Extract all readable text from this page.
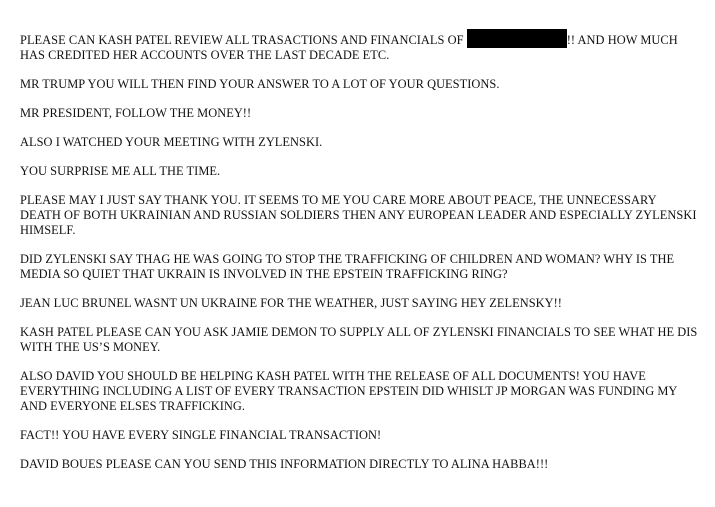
PLEASE CAN KASH PATEL REVIEW ALL TRASACTIONS AND FINANCIALS OF	!! AND HOW MUCH HAS CREDITED HER ACCOUNTS OVER THE LAST DECADE ETC.

MR TRUMP YOU WILL THEN FIND YOUR ANSWER TO A LOT OF YOUR QUESTIONS.

MR PRESIDENT, FOLLOW THE MONEY!!

ALSO I WATCHED YOUR MEETING WITH ZYLENSKI.

YOU SURPRISE ME ALL THE TIME.

PLEASE MAY I JUST SAY THANK YOU. IT SEEMS TO ME YOU CARE MORE ABOUT PEACE, THE UNNECESSARY DEATH OF BOTH UKRAINIAN AND RUSSIAN SOLDIERS THEN ANY EUROPEAN LEADER AND ESPECIALLY ZYLENSKI HIMSELF.

DID ZYLENSKI SAY THAG HE WAS GOING TO STOP THE TRAFFICKING OF CHILDREN AND WOMAN? WHY IS THE MEDIA SO QUIET THAT UKRAIN IS INVOLVED IN THE EPSTEIN TRAFFICKING RING?

JEAN LUC BRUNEL WASNT UN UKRAINE FOR THE WEATHER, JUST SAYING HEY ZELENSKY!!

KASH PATEL PLEASE CAN YOU ASK JAMIE DEMON TO SUPPLY ALL OF ZYLENSKI FINANCIALS TO SEE WHAT HE DIS WITH THE US’S MONEY.

ALSO DAVID YOU SHOULD BE HELPING KASH PATEL WITH THE RELEASE OF ALL DOCUMENTS! YOU HAVE EVERYTHING INCLUDING A LIST OF EVERY TRANSACTION EPSTEIN DID WHISLT JP MORGAN WAS FUNDING MY AND EVERYONE ELSES TRAFFICKING.

FACT!! YOU HAVE EVERY SINGLE FINANCIAL TRANSACTION!

DAVID BOUES PLEASE CAN YOU SEND THIS INFORMATION DIRECTLY TO ALINA HABBA!!!
